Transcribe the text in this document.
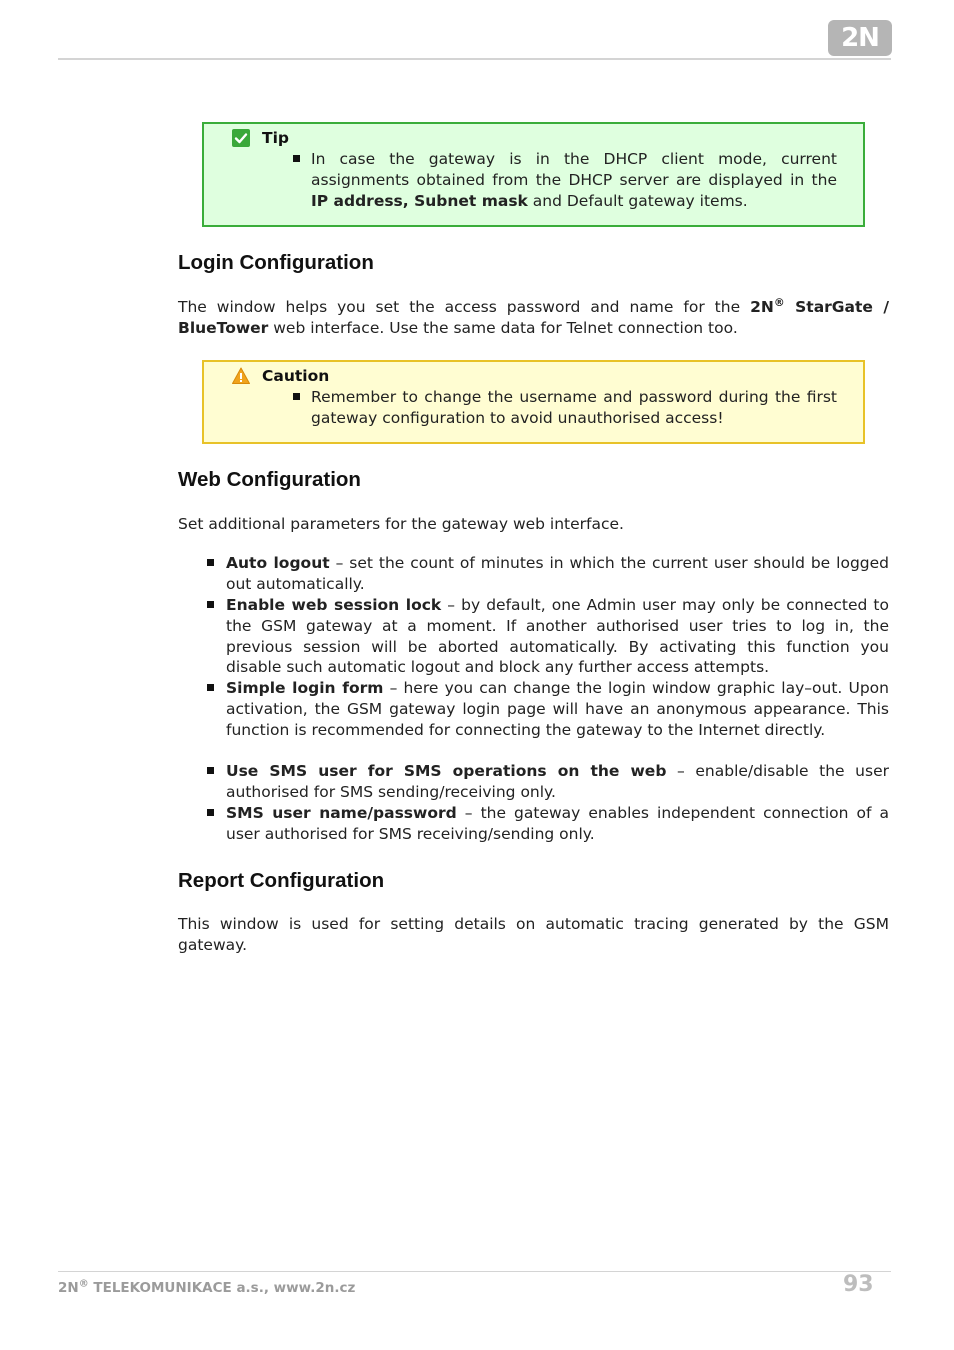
2N
Tip
In case the gateway is in the DHCP client mode, current assignments obtained from the DHCP server are displayed in the IP address, Subnet mask and Default gateway items.
Login Configuration
The window helps you set the access password and name for the 2N® StarGate / BlueTower web interface. Use the same data for Telnet connection too.
Caution
Remember to change the username and password during the first gateway configuration to avoid unauthorised access!
Web Configuration
Set additional parameters for the gateway web interface.
Auto logout – set the count of minutes in which the current user should be logged out automatically.
Enable web session lock – by default, one Admin user may only be connected to the GSM gateway at a moment. If another authorised user tries to log in, the previous session will be aborted automatically. By activating this function you disable such automatic logout and block any further access attempts.
Simple login form – here you can change the login window graphic lay–out. Upon activation, the GSM gateway login page will have an anonymous appearance. This function is recommended for connecting the gateway to the Internet directly.
Use SMS user for SMS operations on the web – enable/disable the user authorised for SMS sending/receiving only.
SMS user name/password – the gateway enables independent connection of a user authorised for SMS receiving/sending only.
Report Configuration
This window is used for setting details on automatic tracing generated by the GSM gateway.
2N® TELEKOMUNIKACE a.s., www.2n.cz	93
